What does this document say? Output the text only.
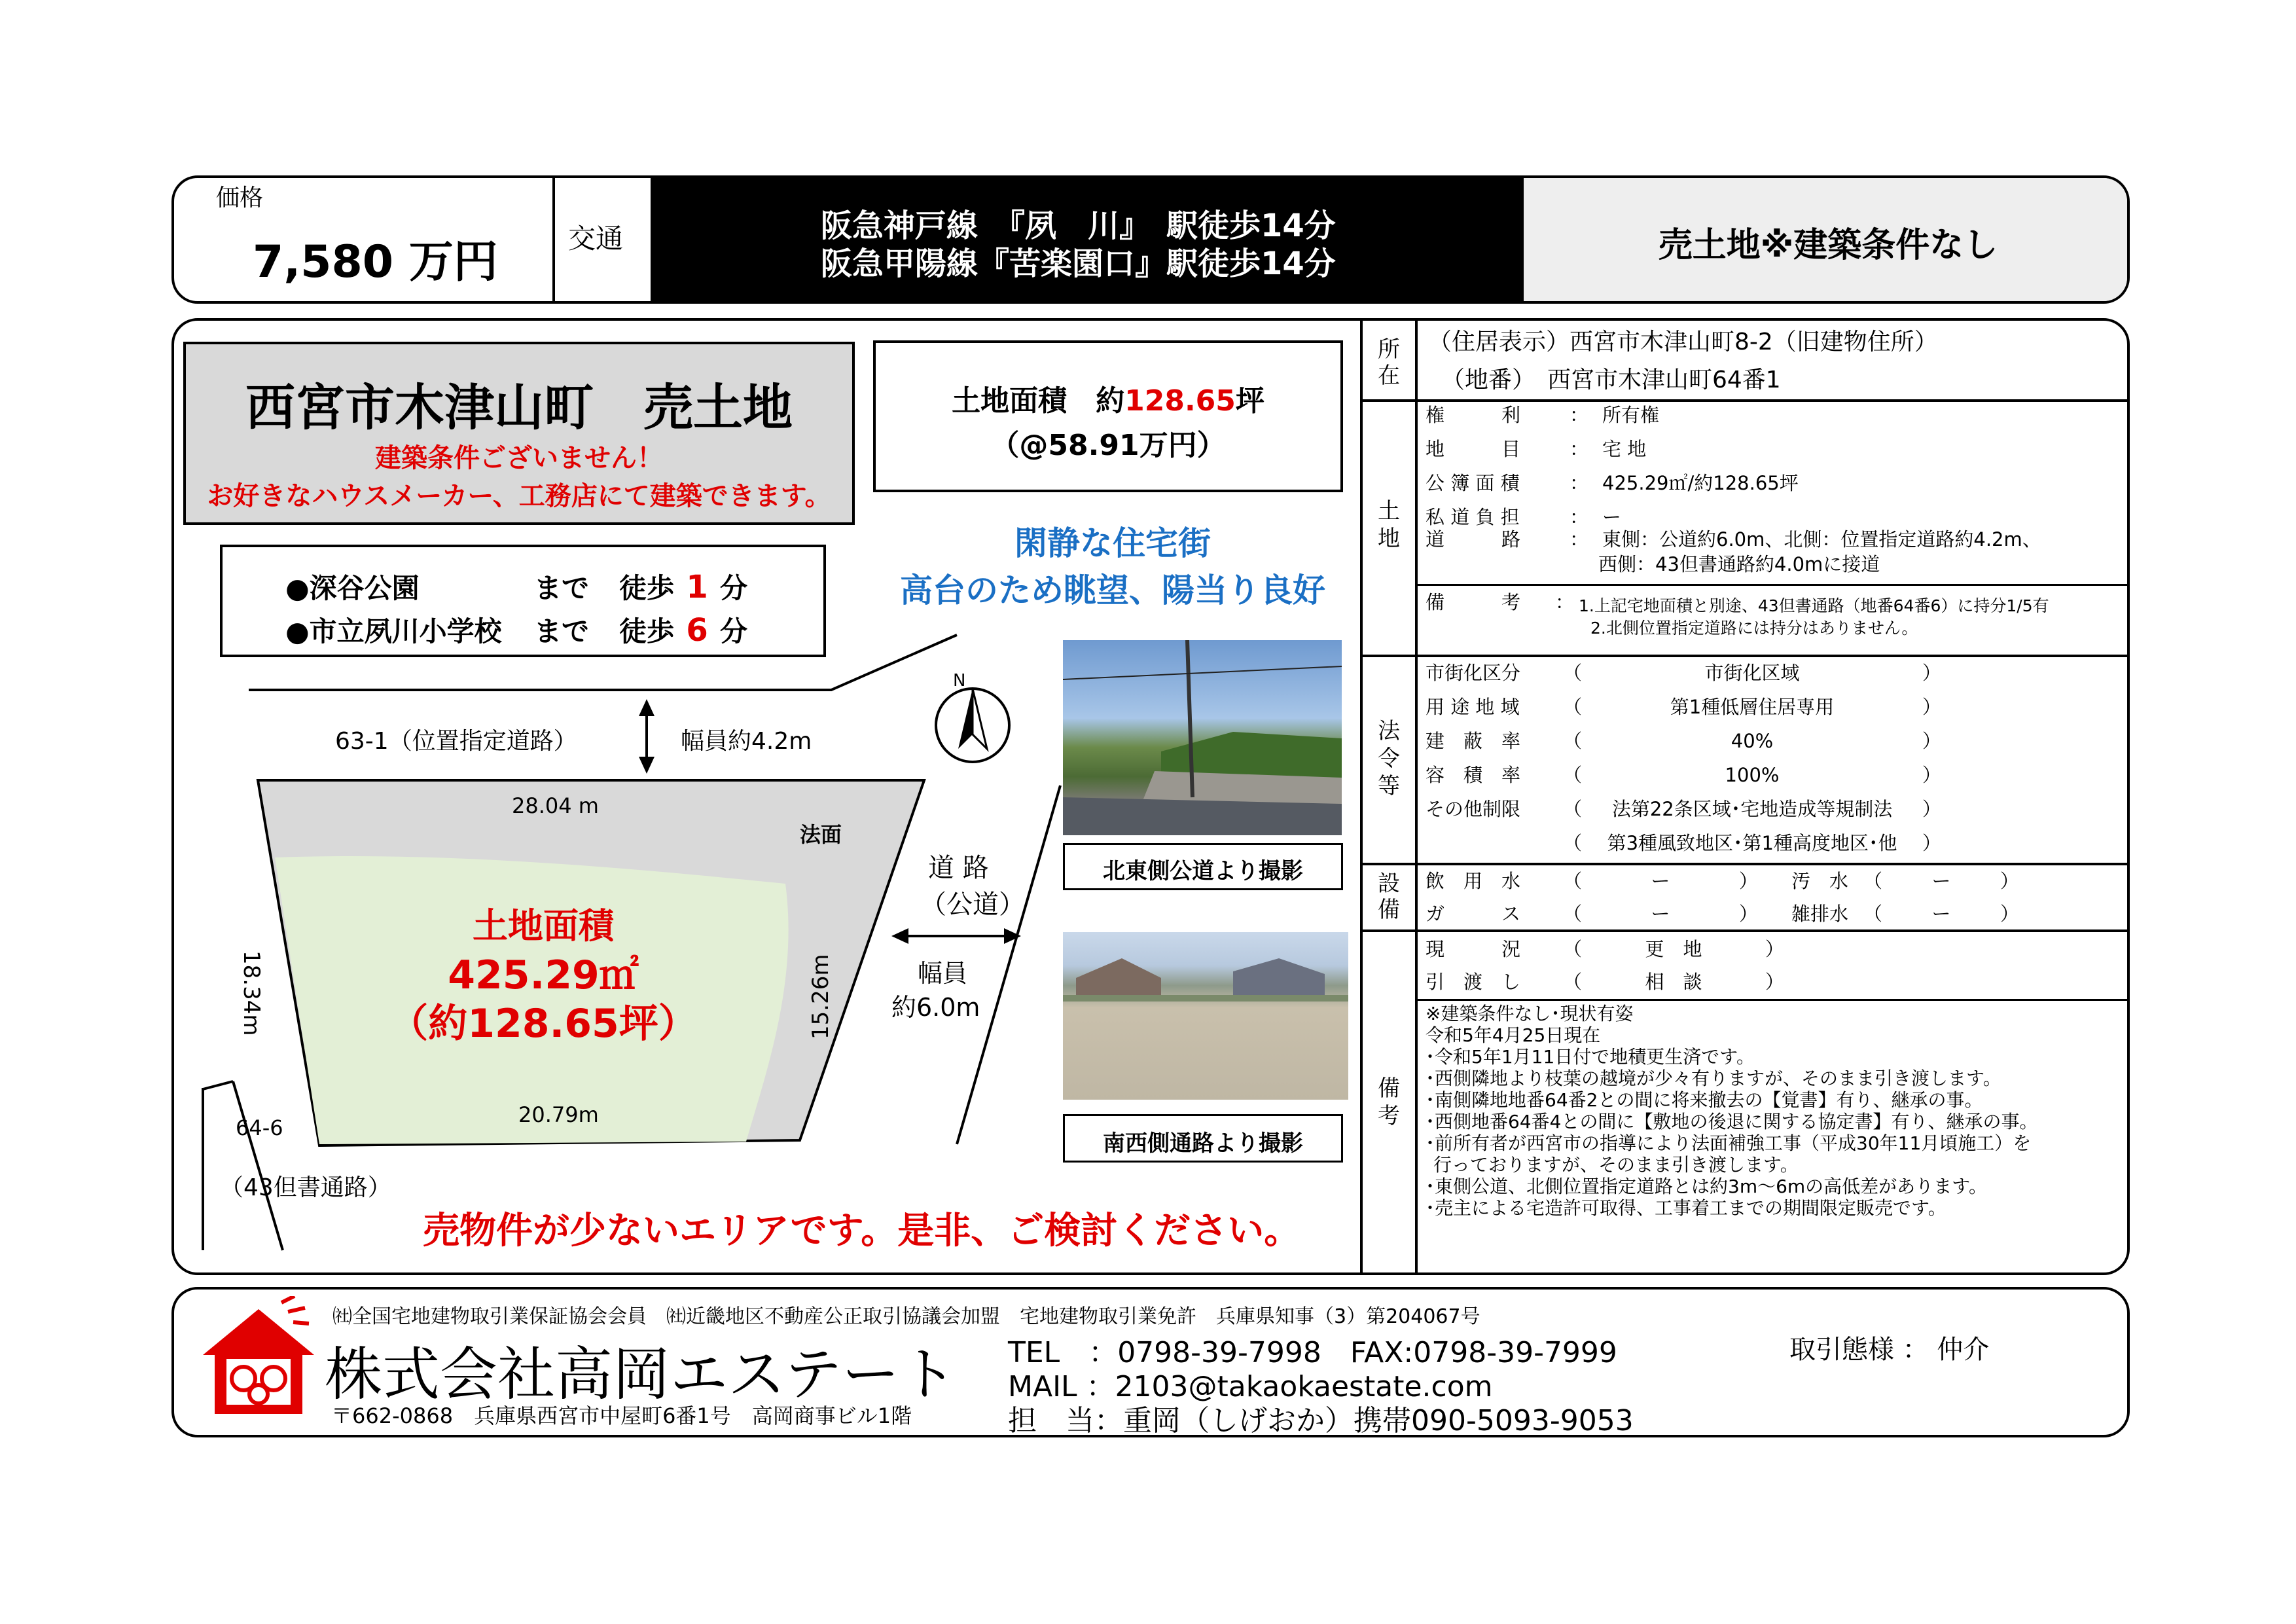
価格
7,580 万円	交通	阪急神戸線　『夙　川』　駅徒歩14分
阪急甲陽線『苦楽園口』駅徒歩14分	売土地※建築条件なし
西宮市木津山町　売土地
建築条件ございません！
お好きなハウスメーカー、工務店にて建築できます。
土地面積　約128.65坪
（@58.91万円）
●深谷公園	まで 徒歩 1 分
●市立夙川小学校 まで 徒歩 6 分
閑静な住宅街
高台のため眺望、陽当り良好
N
63-1（位置指定道路）	幅員約4.2m
28.04 m
法面
18.34m	15.26m
20.79m
道 路
（公道）
幅員
約6.0m
64-6
（43但書通路）
土地面積
425.29㎡
（約128.65坪）
北東側公道より撮影
南西側通路より撮影
売物件が少ないエリアです。是非、ご検討ください。
所在
（住居表示）西宮市木津山町8-2（旧建物住所）
（地番）　西宮市木津山町64番1
土地
権　　　利	： 所有権
地　　　目	： 宅 地
公 簿 面 積	： 425.29㎡/約128.65坪
私 道 負 担	： ー
道　　　路	： 東側：公道約6.0m、北側：位置指定道路約4.2m、
西側：43但書通路約4.0mに接道
備　　　考 ： 1.上記宅地面積と別途、43但書通路（地番64番6）に持分1/5有
2.北側位置指定道路には持分はありません。
法令等
市街化区分 （	市街化区域	）
用 途 地 域 （	第1種低層住居専用	）
建　蔽　率 （	40%	）
容　積　率 （	100%	）
その他制限 （ 法第22条区域･宅地造成等規制法 ）
（ 第3種風致地区･第1種高度地区･他 ）
設備
飲　用　水 （	ー	） 汚　水 （	ー	）
ガ　　　ス （	ー	） 雑排水 （	ー	）
備考
現　　　況 （	更　地	）
引　渡　し （	相　談	）
※建築条件なし･現状有姿
令和5年4月25日現在
･令和5年1月11日付で地積更生済です。
･西側隣地より枝葉の越境が少々有りますが、そのまま引き渡します。
･南側隣地地番64番2との間に将来撤去の【覚書】有り、継承の事。
･西側地番64番4との間に【敷地の後退に関する協定書】有り、継承の事。
･前所有者が西宮市の指導により法面補強工事（平成30年11月頃施工）を
行っておりますが、そのまま引き渡します。
･東側公道、北側位置指定道路とは約3m～6mの高低差があります。
･売主による宅造許可取得、工事着工までの期間限定販売です。
㈳全国宅地建物取引業保証協会会員　㈳近畿地区不動産公正取引協議会加盟　宅地建物取引業免許　兵庫県知事（3）第204067号
株式会社高岡エステート
〒662-0868　兵庫県西宮市中屋町6番1号　高岡商事ビル1階
TEL　：0798-39-7998　FAX:0798-39-7999
MAIL ：2103@takaokaestate.com
担　当：重岡（しげおか）携帯090-5093-9053
取引態様 ： 仲介
